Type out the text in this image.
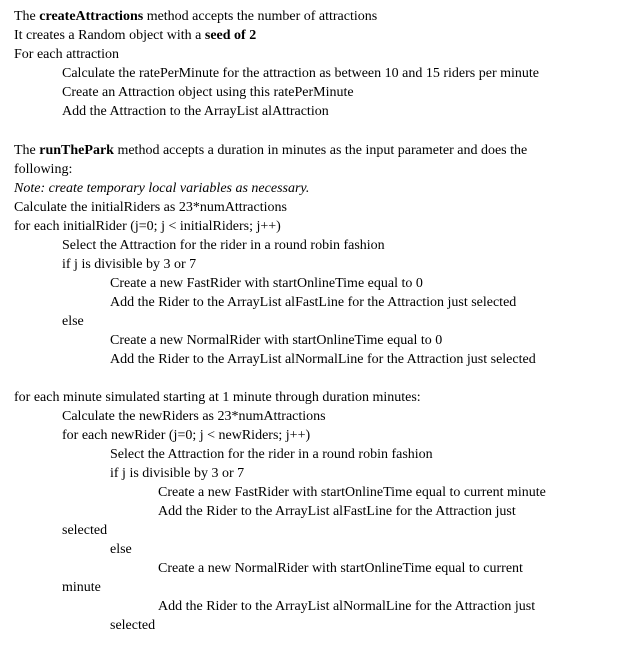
The createAttractions method accepts the number of attractions
It creates a Random object with a seed of 2
For each attraction
Calculate the ratePerMinute for the attraction as between 10 and 15 riders per minute
Create an Attraction object using this ratePerMinute
Add the Attraction to the ArrayList alAttraction
The runThePark method accepts a duration in minutes as the input parameter and does the
following:
Note: create temporary local variables as necessary.
Calculate the initialRiders as 23*numAttractions
for each initialRider (j=0; j < initialRiders; j++)
Select the Attraction for the rider in a round robin fashion
if j is divisible by 3 or 7
Create a new FastRider with startOnlineTime equal to 0
Add the Rider to the ArrayList alFastLine for the Attraction just selected
else
Create a new NormalRider with startOnlineTime equal to 0
Add the Rider to the ArrayList alNormalLine for the Attraction just selected
for each minute simulated starting at 1 minute through duration minutes:
Calculate the newRiders as 23*numAttractions
for each newRider (j=0; j < newRiders; j++)
Select the Attraction for the rider in a round robin fashion
if j is divisible by 3 or 7
Create a new FastRider with startOnlineTime equal to current minute
Add the Rider to the ArrayList alFastLine for the Attraction just
selected
else
Create a new NormalRider with startOnlineTime equal to current
minute
Add the Rider to the ArrayList alNormalLine for the Attraction just
selected
